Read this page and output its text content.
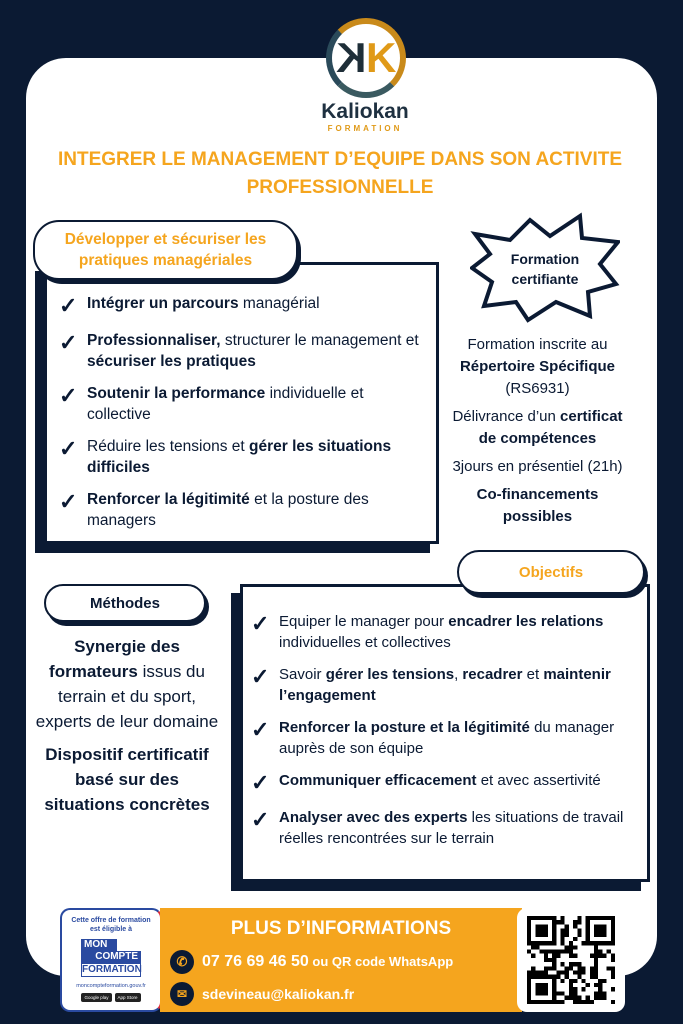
K K
Kaliokan
FORMATION
INTEGRER LE MANAGEMENT D’EQUIPE DANS SON ACTIVITE PROFESSIONNELLE
✓ Intégrer un parcours managérial
✓ Professionnaliser, structurer le management et sécuriser les pratiques
✓ Soutenir la performance individuelle et collective
✓ Réduire les tensions et gérer les situations difficiles
✓ Renforcer la légitimité et la posture des managers
Développer et sécuriser les pratiques managériales	Formation
certifiante
Formation inscrite au
Répertoire Spécifique
(RS6931)
Délivrance d’un certificat
de compétences
3jours en présentiel (21h)
Co-financements possibles
Méthodes
Synergie des formateurs issus du terrain et du sport, experts de leur domaine
Dispositif certificatif basé sur des situations concrètes
✓ Equiper le manager pour encadrer les relations individuelles et collectives
✓ Savoir gérer les tensions, recadrer et maintenir l’engagement
✓ Renforcer la posture et la légitimité du manager auprès de son équipe
✓ Communiquer efficacement et avec assertivité
✓ Analyser avec des experts les situations de travail réelles rencontrées sur le terrain
Objectifs
Cette offre de formation est éligible à
MON
COMPTE
FORMATION
moncompteformation.gouv.fr
Google play	App Store
PLUS D’INFORMATIONS
✆ 07 76 69 46 50 ou QR code WhatsApp
✉	sdevineau@kaliokan.fr
